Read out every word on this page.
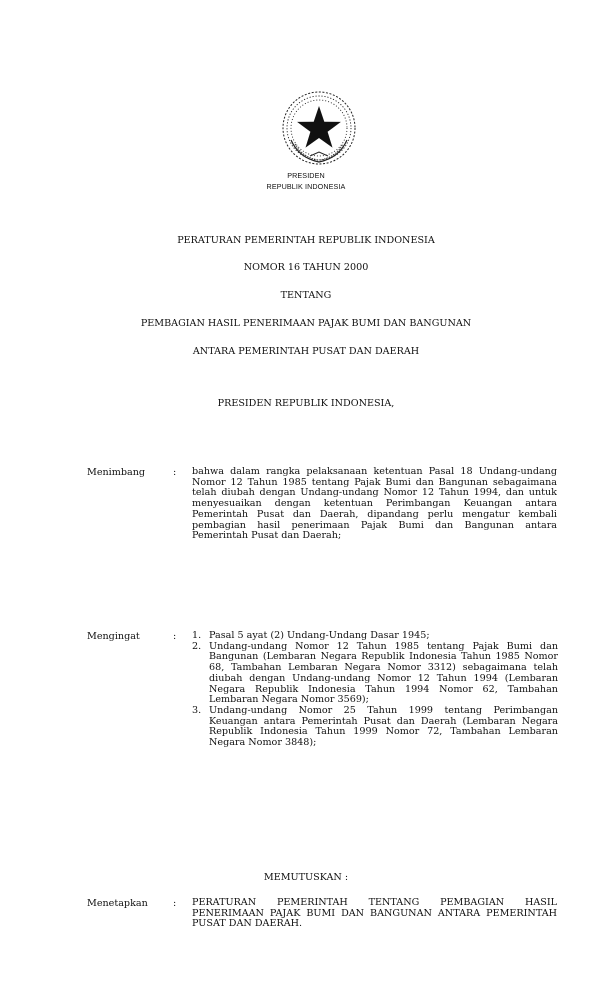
PRESIDEN
REPUBLIK INDONESIA
PERATURAN PEMERINTAH REPUBLIK INDONESIA
NOMOR 16 TAHUN 2000
TENTANG
PEMBAGIAN HASIL PENERIMAAN PAJAK BUMI DAN BANGUNAN
ANTARA PEMERINTAH PUSAT DAN DAERAH
PRESIDEN REPUBLIK INDONESIA,
Menimbang	: bahwa dalam rangka pelaksanaan ketentuan Pasal 18 Undang-undang Nomor 12 Tahun 1985 tentang Pajak Bumi dan Bangunan sebagaimana telah diubah dengan Undang-undang Nomor 12 Tahun 1994, dan untuk menyesuaikan dengan ketentuan Perimbangan Keuangan antara Pemerintah Pusat dan Daerah, dipandang perlu mengatur kembali pembagian hasil penerimaan Pajak Bumi dan Bangunan antara Pemerintah Pusat dan Daerah;
Mengingat	: 1. Pasal 5 ayat (2) Undang-Undang Dasar 1945;
2. Undang-undang Nomor 12 Tahun 1985 tentang Pajak Bumi dan Bangunan (Lembaran Negara Republik Indonesia Tahun 1985 Nomor 68, Tambahan Lembaran Negara Nomor 3312) sebagaimana telah diubah dengan Undang-undang Nomor 12 Tahun 1994 (Lembaran Negara Republik Indonesia Tahun 1994 Nomor 62, Tambahan Lembaran Negara Nomor 3569);
3. Undang-undang Nomor 25 Tahun 1999 tentang Perimbangan Keuangan antara Pemerintah Pusat dan Daerah (Lembaran Negara Republik Indonesia Tahun 1999 Nomor 72, Tambahan Lembaran Negara Nomor 3848);
MEMUTUSKAN :
Menetapkan	: PERATURAN PEMERINTAH TENTANG PEMBAGIAN HASIL PENERIMAAN PAJAK BUMI DAN BANGUNAN ANTARA PEMERINTAH PUSAT DAN DAERAH.
